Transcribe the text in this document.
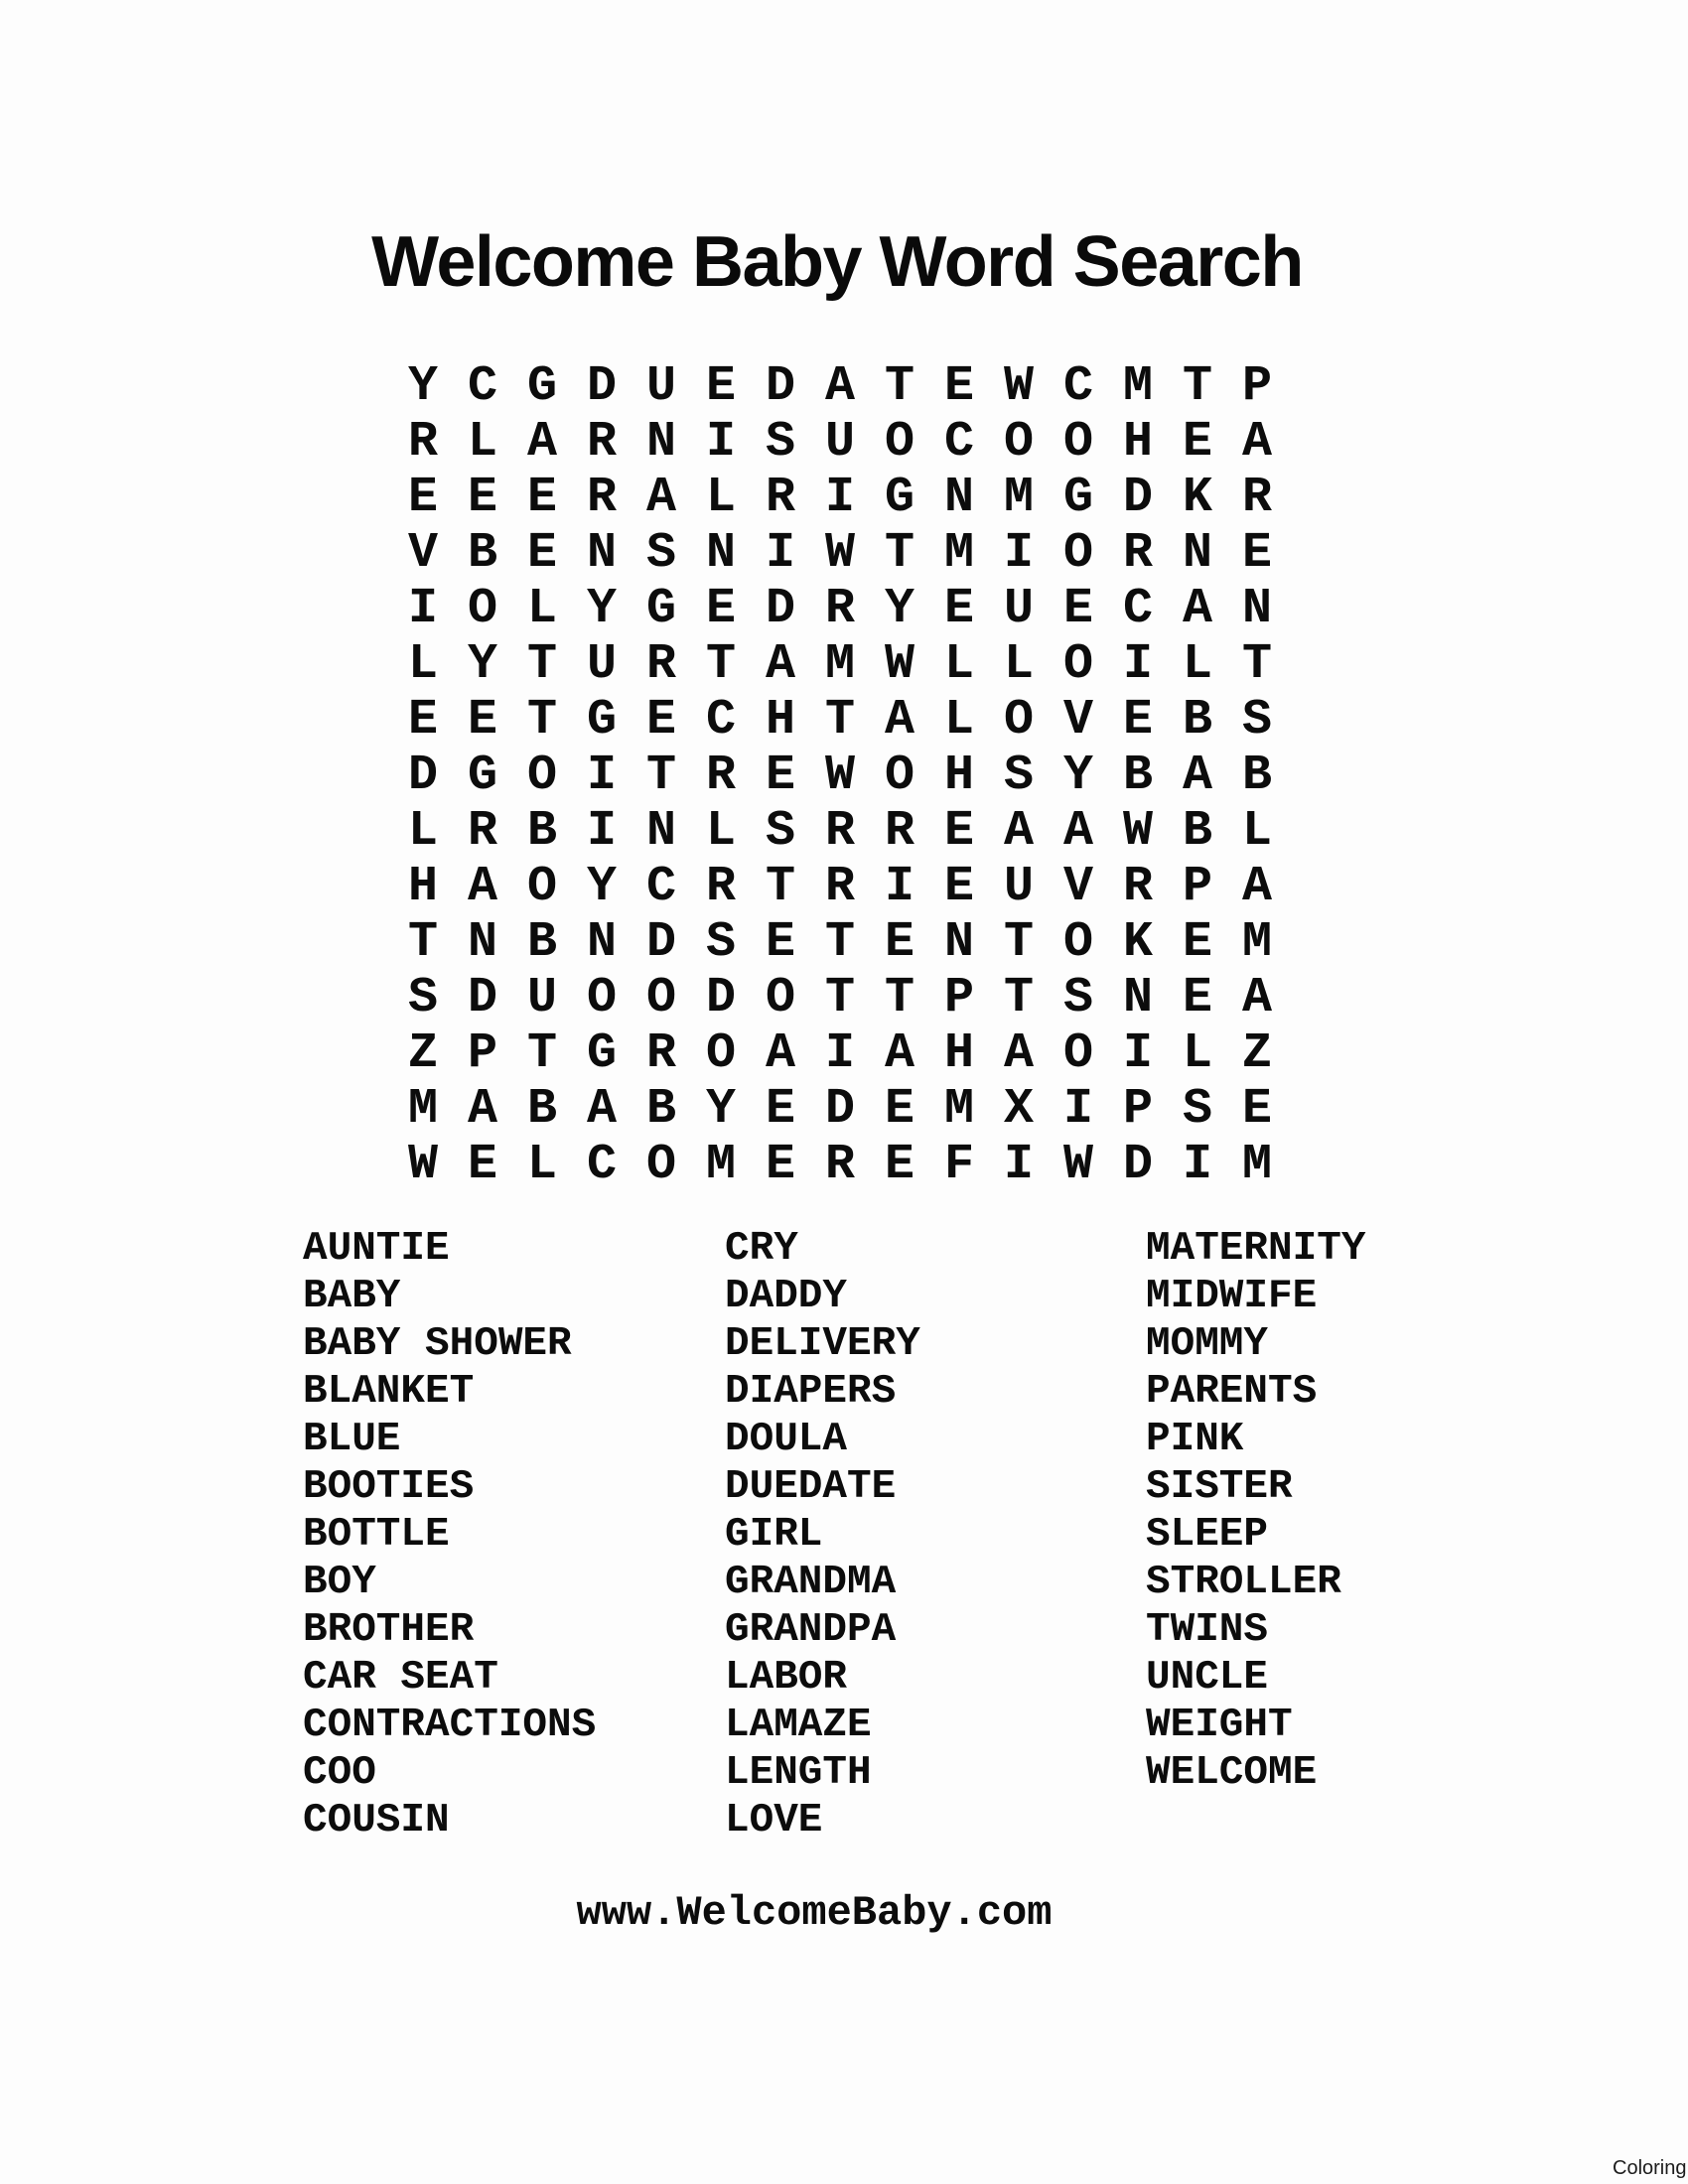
Welcome Baby Word Search
Y C G D U E D A T E W C M T P
R L A R N I S U O C O O H E A
E E E R A L R I G N M G D K R
V B E N S N I W T M I O R N E
I O L Y G E D R Y E U E C A N
L Y T U R T A M W L L O I L T
E E T G E C H T A L O V E B S
D G O I T R E W O H S Y B A B
L R B I N L S R R E A A W B L
H A O Y C R T R I E U V R P A
T N B N D S E T E N T O K E M
S D U O O D O T T P T S N E A
Z P T G R O A I A H A O I L Z
M A B A B Y E D E M X I P S E
W E L C O M E R E F I W D I M
AUNTIE
BABY
BABY SHOWER
BLANKET
BLUE
BOOTIES
BOTTLE
BOY
BROTHER
CAR SEAT
CONTRACTIONS
COO
COUSIN
CRY
DADDY
DELIVERY
DIAPERS
DOULA
DUEDATE
GIRL
GRANDMA
GRANDPA
LABOR
LAMAZE
LENGTH
LOVE
MATERNITY
MIDWIFE
MOMMY
PARENTS
PINK
SISTER
SLEEP
STROLLER
TWINS
UNCLE
WEIGHT
WELCOME
www.WelcomeBaby.com
Coloring
